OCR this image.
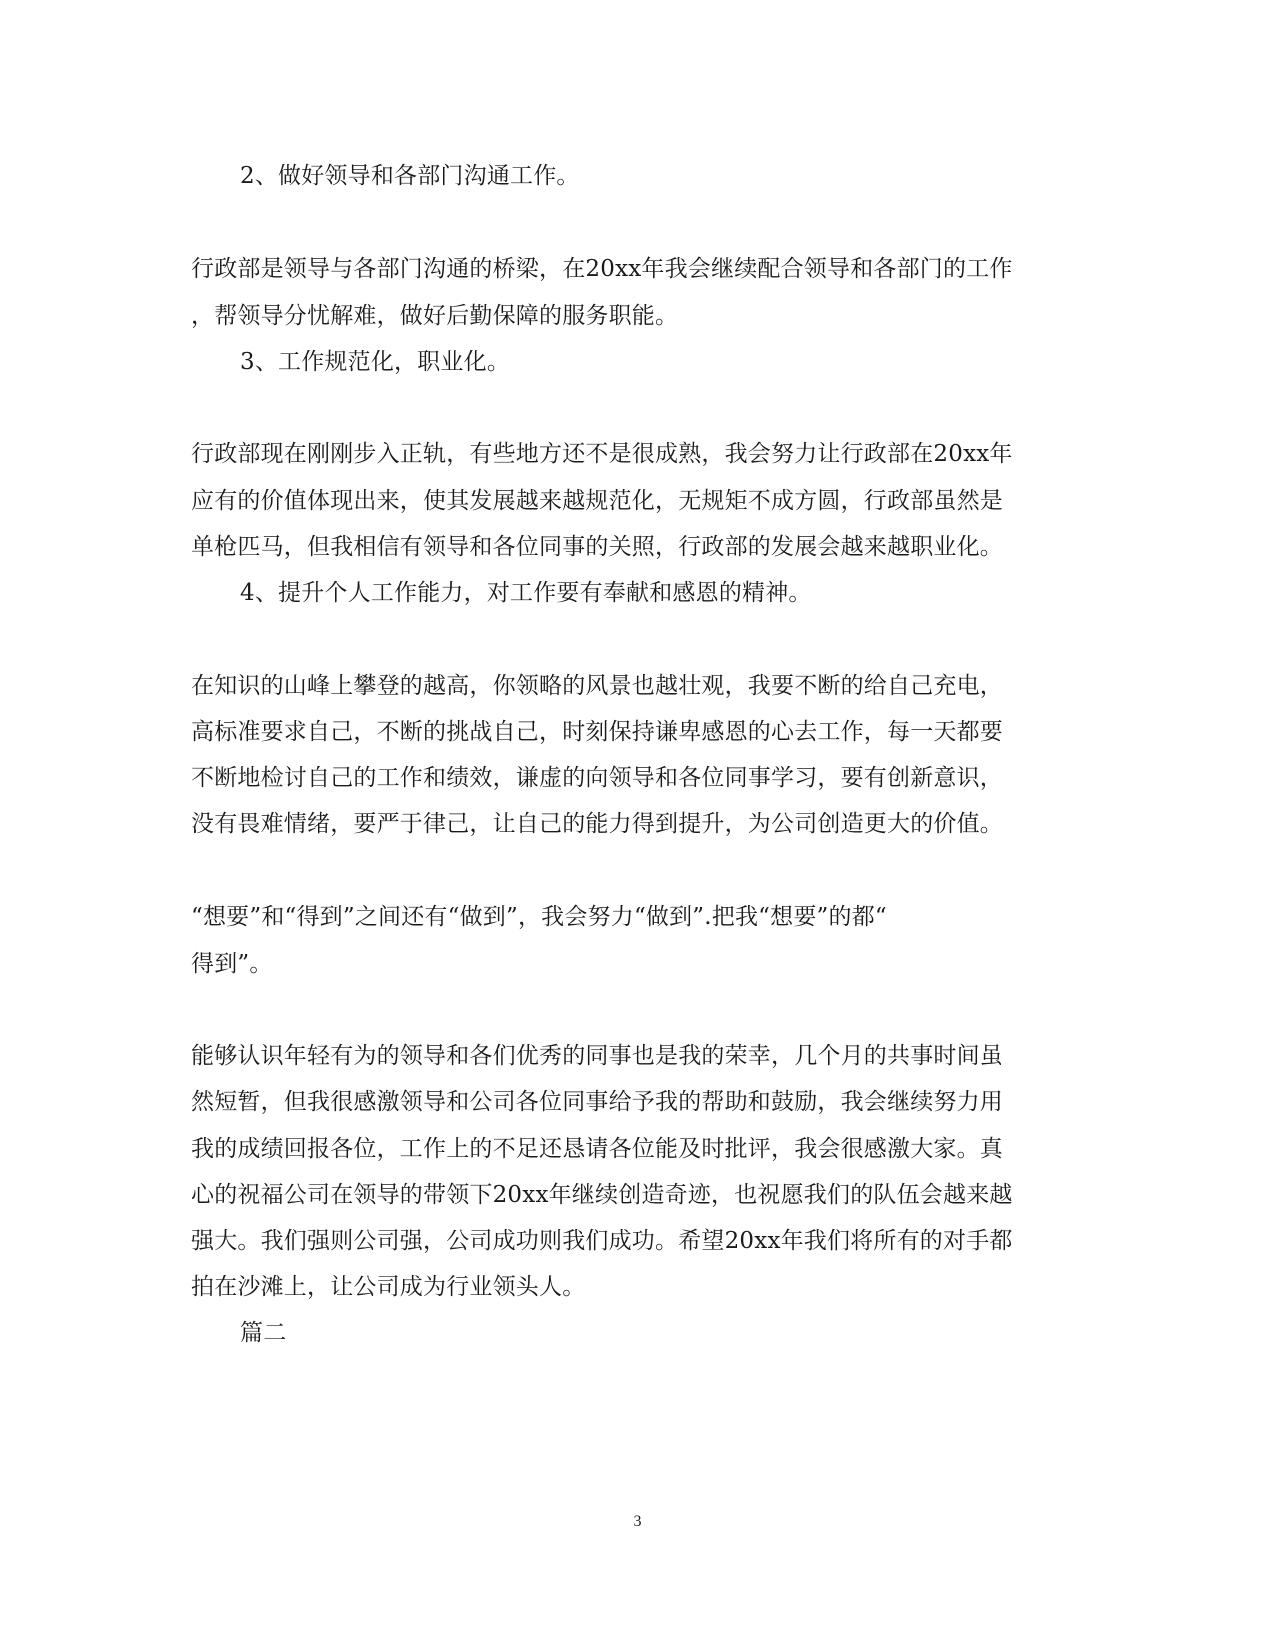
2、做好领导和各部门沟通工作。
行政部是领导与各部门沟通的桥梁，在20xx年我会继续配合领导和各部门的工作
，帮领导分忧解难，做好后勤保障的服务职能。
3、工作规范化，职业化。
行政部现在刚刚步入正轨，有些地方还不是很成熟，我会努力让行政部在20xx年
应有的价值体现出来，使其发展越来越规范化，无规矩不成方圆，行政部虽然是
单枪匹马，但我相信有领导和各位同事的关照，行政部的发展会越来越职业化。
4、提升个人工作能力，对工作要有奉献和感恩的精神。
在知识的山峰上攀登的越高，你领略的风景也越壮观，我要不断的给自己充电，
高标准要求自己，不断的挑战自己，时刻保持谦卑感恩的心去工作，每一天都要
不断地检讨自己的工作和绩效，谦虚的向领导和各位同事学习，要有创新意识，
没有畏难情绪，要严于律己，让自己的能力得到提升，为公司创造更大的价值。
“想要”和“得到”之间还有“做到”，我会努力“做到”.把我“想要”的都“
得到”。
能够认识年轻有为的领导和各们优秀的同事也是我的荣幸，几个月的共事时间虽
然短暂，但我很感激领导和公司各位同事给予我的帮助和鼓励，我会继续努力用
我的成绩回报各位，工作上的不足还恳请各位能及时批评，我会很感激大家。真
心的祝福公司在领导的带领下20xx年继续创造奇迹，也祝愿我们的队伍会越来越
强大。我们强则公司强，公司成功则我们成功。希望20xx年我们将所有的对手都
拍在沙滩上，让公司成为行业领头人。
篇二
3
